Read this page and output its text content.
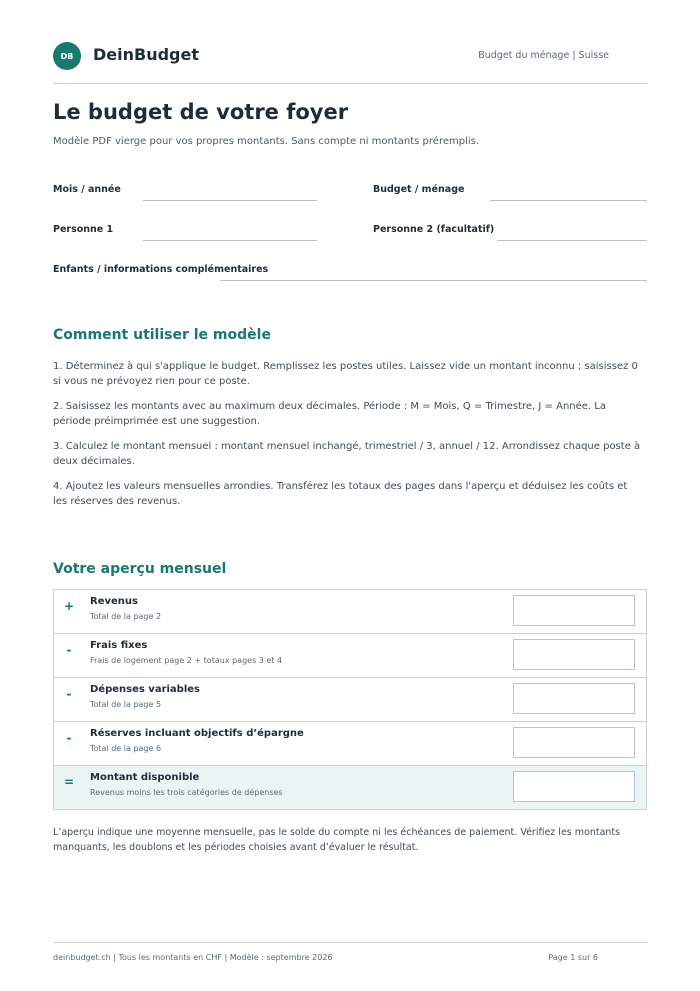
DB	DeinBudget	Budget du ménage | Suisse
Le budget de votre foyer
Modèle PDF vierge pour vos propres montants. Sans compte ni montants préremplis.
Mois / année	Budget / ménage
Personne 1	Personne 2 (facultatif)
Enfants / informations complémentaires
Comment utiliser le modèle

1. Déterminez à qui s'applique le budget. Remplissez les postes utiles. Laissez vide un montant inconnu ; saisissez 0 si vous ne prévoyez rien pour ce poste.

2. Saisissez les montants avec au maximum deux décimales. Période : M = Mois, Q = Trimestre, J = Année. La période préimprimée est une suggestion.

3. Calculez le montant mensuel : montant mensuel inchangé, trimestriel / 3, annuel / 12. Arrondissez chaque poste à deux décimales.

4. Ajoutez les valeurs mensuelles arrondies. Transférez les totaux des pages dans l'aperçu et déduisez les coûts et les réserves des revenus.

Votre aperçu mensuel
+ Revenus
Total de la page 2
-	Frais fixes
Frais de logement page 2 + totaux pages 3 et 4
-	Dépenses variables
Total de la page 5
-	Réserves incluant objectifs d’épargne
Total de la page 6
= Montant disponible
Revenus moins les trois catégories de dépenses
L’aperçu indique une moyenne mensuelle, pas le solde du compte ni les échéances de paiement. Vérifiez les montants manquants, les doublons et les périodes choisies avant d’évaluer le résultat.
deinbudget.ch | Tous les montants en CHF | Modèle : septembre 2026	Page 1 sur 6
